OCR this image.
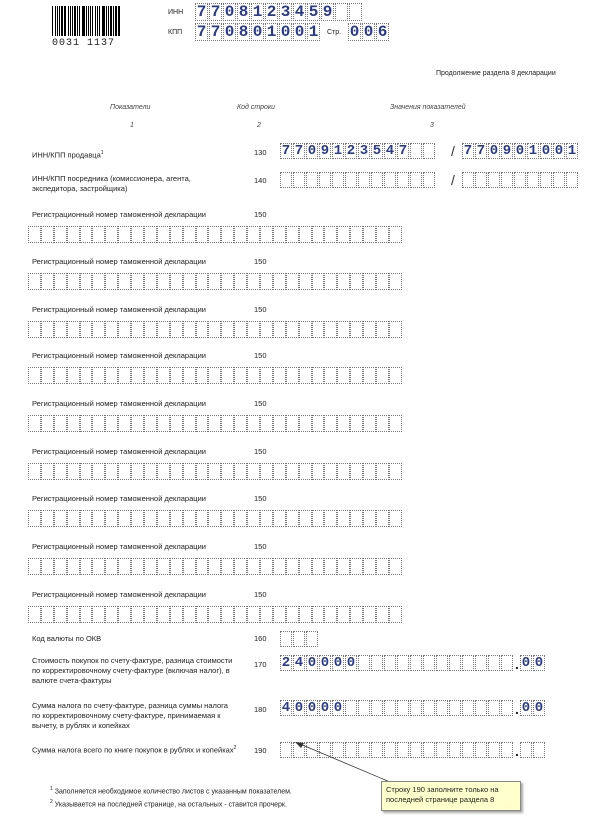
0031 1137
ИНН 7 7 0 8 1 2 3 4 5 9
КПП 7 7 0 8 0 1 0 0 1 Стр. 0 0 6
Продолжение раздела 8 декларации
Показатели	Код строки	Значения показателей
1	2	3
ИНН/КПП продавца$^1$	130 7 7 0 9 1 2 3 5 4 7	/ 7 7 0 9 0 1 0 0 1
ИНН/КПП посредника (комиссионера, агента, экспедитора, застройщика)
140	/
Регистрационный номер таможенной декларации	150
Регистрационный номер таможенной декларации	150
Регистрационный номер таможенной декларации	150
Регистрационный номер таможенной декларации	150
Регистрационный номер таможенной декларации	150
Регистрационный номер таможенной декларации	150
Регистрационный номер таможенной декларации	150
Регистрационный номер таможенной декларации	150
Регистрационный номер таможенной декларации	150
Код валюты по ОКВ	160
Стоимость покупок по счету-фактуре, разница стоимости по корректировочному счету-фактуре (включая налог), в валюте счета-фактуры
170 2 4 0 0 0 0	. 0 0
Сумма налога по счету-фактуре, разница суммы налога по корректировочному счету-фактуре, принимаемая к вычету, в рублях и копейках
180 4 0 0 0 0	. 0 0
Сумма налога всего по книге покупок в рублях и копейках$^2$ 190	.
Строку 190 заполните только на последней странице раздела 8
$^1$ Заполняется необходимое количество листов с указанным показателем.
$^2$ Указывается на последней странице, на остальных - ставится прочерк.
